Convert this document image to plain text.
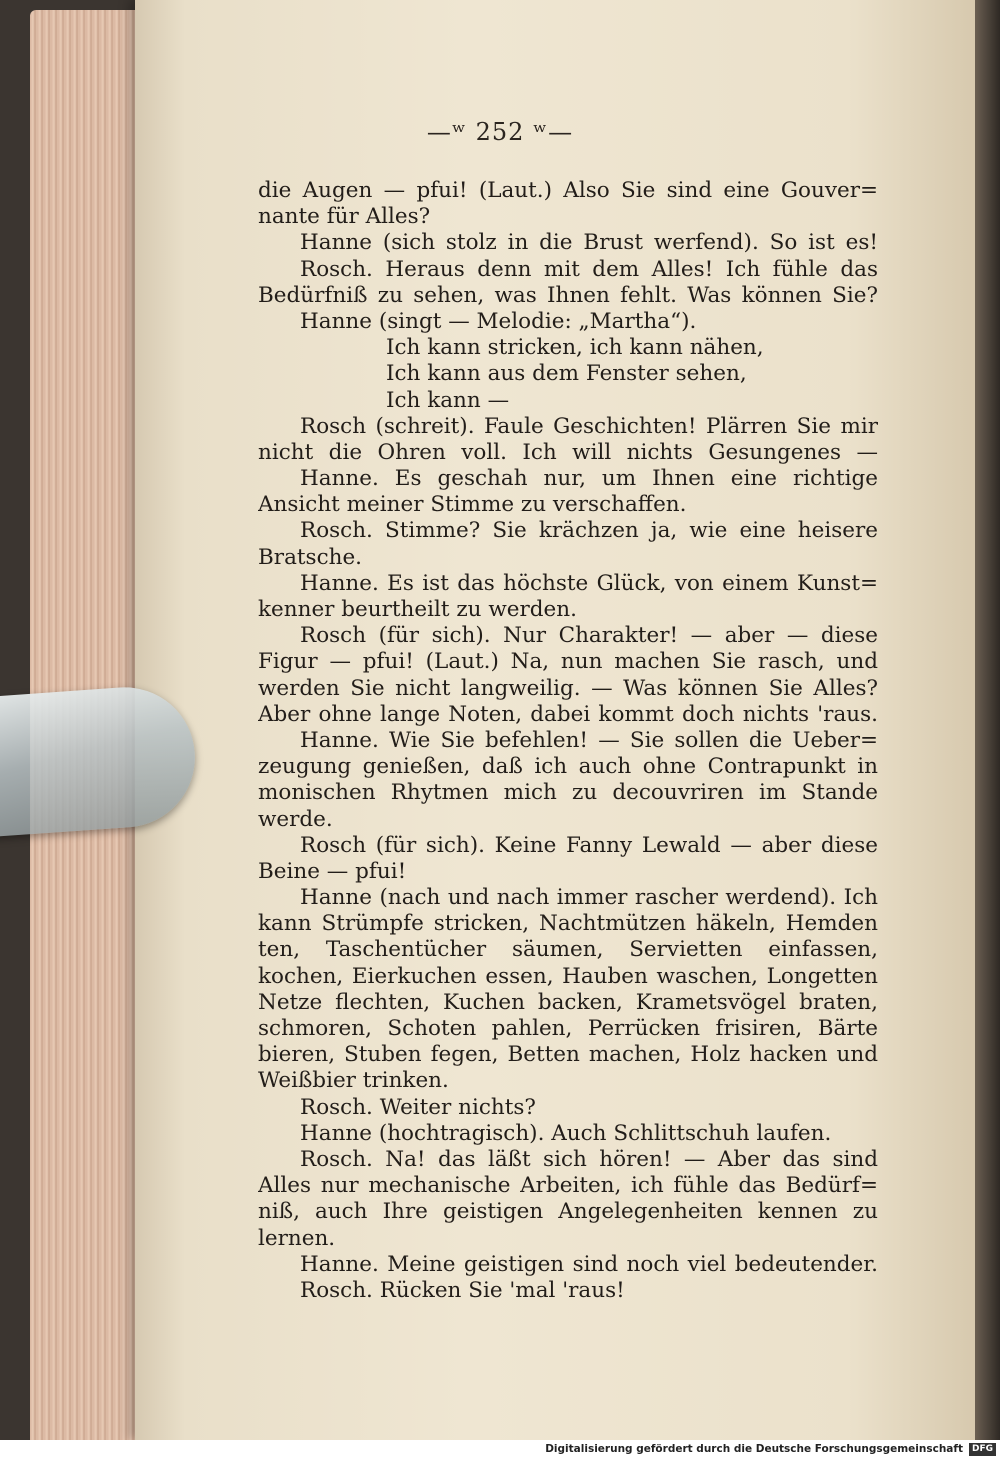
—ʷ 252 ʷ—
die Augen — pfui! (Laut.) Also Sie sind eine Gouver=
nante für Alles?
Hanne (sich stolz in die Brust werfend). So ist es!
Rosch. Heraus denn mit dem Alles! Ich fühle das
Bedürfniß zu sehen, was Ihnen fehlt. Was können Sie?
Hanne (singt — Melodie: „Martha“).
Ich kann stricken, ich kann nähen,
Ich kann aus dem Fenster sehen,
Ich kann —
Rosch (schreit). Faule Geschichten! Plärren Sie mir
nicht die Ohren voll. Ich will nichts Gesungenes —
Hanne. Es geschah nur, um Ihnen eine richtige
Ansicht meiner Stimme zu verschaffen.
Rosch. Stimme? Sie krächzen ja, wie eine heisere
Bratsche.
Hanne. Es ist das höchste Glück, von einem Kunst=
kenner beurtheilt zu werden.
Rosch (für sich). Nur Charakter! — aber — diese
Figur — pfui! (Laut.) Na, nun machen Sie rasch, und
werden Sie nicht langweilig. — Was können Sie Alles?
Aber ohne lange Noten, dabei kommt doch nichts 'raus.
Hanne. Wie Sie befehlen! — Sie sollen die Ueber=
zeugung genießen, daß ich auch ohne Contrapunkt in
monischen Rhytmen mich zu decouvriren im Stande
werde.
Rosch (für sich). Keine Fanny Lewald — aber diese
Beine — pfui!
Hanne (nach und nach immer rascher werdend). Ich
kann Strümpfe stricken, Nachtmützen häkeln, Hemden
ten, Taschentücher säumen, Servietten einfassen,
kochen, Eierkuchen essen, Hauben waschen, Longetten
Netze flechten, Kuchen backen, Krametsvögel braten,
schmoren, Schoten pahlen, Perrücken frisiren, Bärte
bieren, Stuben fegen, Betten machen, Holz hacken und
Weißbier trinken.
Rosch. Weiter nichts?
Hanne (hochtragisch). Auch Schlittschuh laufen.
Rosch. Na! das läßt sich hören! — Aber das sind
Alles nur mechanische Arbeiten, ich fühle das Bedürf=
niß, auch Ihre geistigen Angelegenheiten kennen zu
lernen.
Hanne. Meine geistigen sind noch viel bedeutender.
Rosch. Rücken Sie 'mal 'raus!
Digitalisierung gefördert durch die Deutsche Forschungsgemeinschaft DFG
